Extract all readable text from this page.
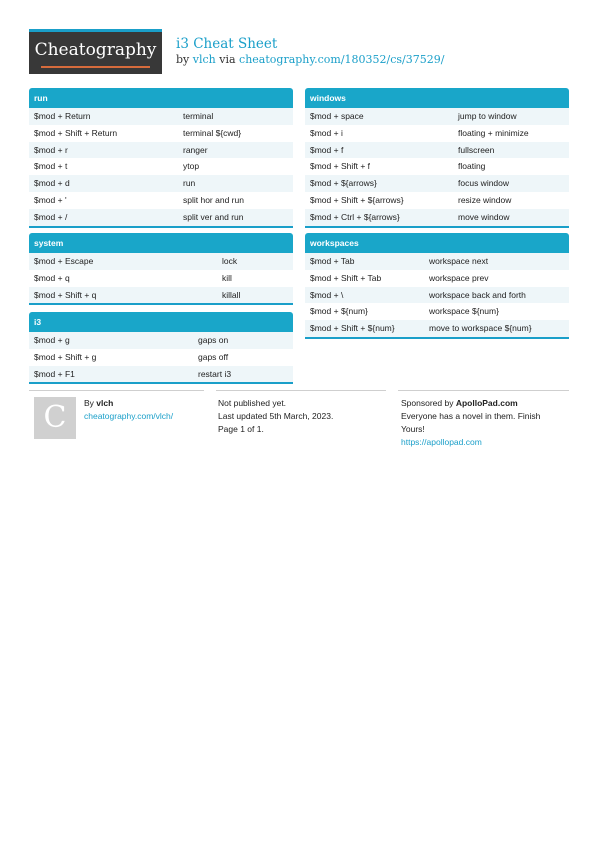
Cheatography	i3 Cheat Sheet
by vlch via cheatography.com/180352/cs/37529/
run
$mod + Return	terminal
$mod + Shift + Return	terminal ${cwd}
$mod + r	ranger
$mod + t	ytop
$mod + d	run
$mod + '	split hor and run
$mod + /	split ver and run
system
$mod + Escape	lock
$mod + q	kill
$mod + Shift + q	killall
i3
$mod + g	gaps on
$mod + Shift + g	gaps off
$mod + F1	restart i3
windows
$mod + space	jump to window
$mod + i	floating + minimize
$mod + f	fullscreen
$mod + Shift + f	floating
$mod + ${arrows}	focus window
$mod + Shift + ${arrows}	resize window
$mod + Ctrl + ${arrows}	move window
workspaces
$mod + Tab	workspace next
$mod + Shift + Tab	workspace prev
$mod + \	workspace back and forth
$mod + ${num}	workspace ${num}
$mod + Shift + ${num}	move to workspace ${num}
C	By vlch
cheatography.com/vlch/
Not published yet.
Last updated 5th March, 2023.
Page 1 of 1.
Sponsored by ApolloPad.com
Everyone has a novel in them. Finish
Yours!
https://apollopad.com
